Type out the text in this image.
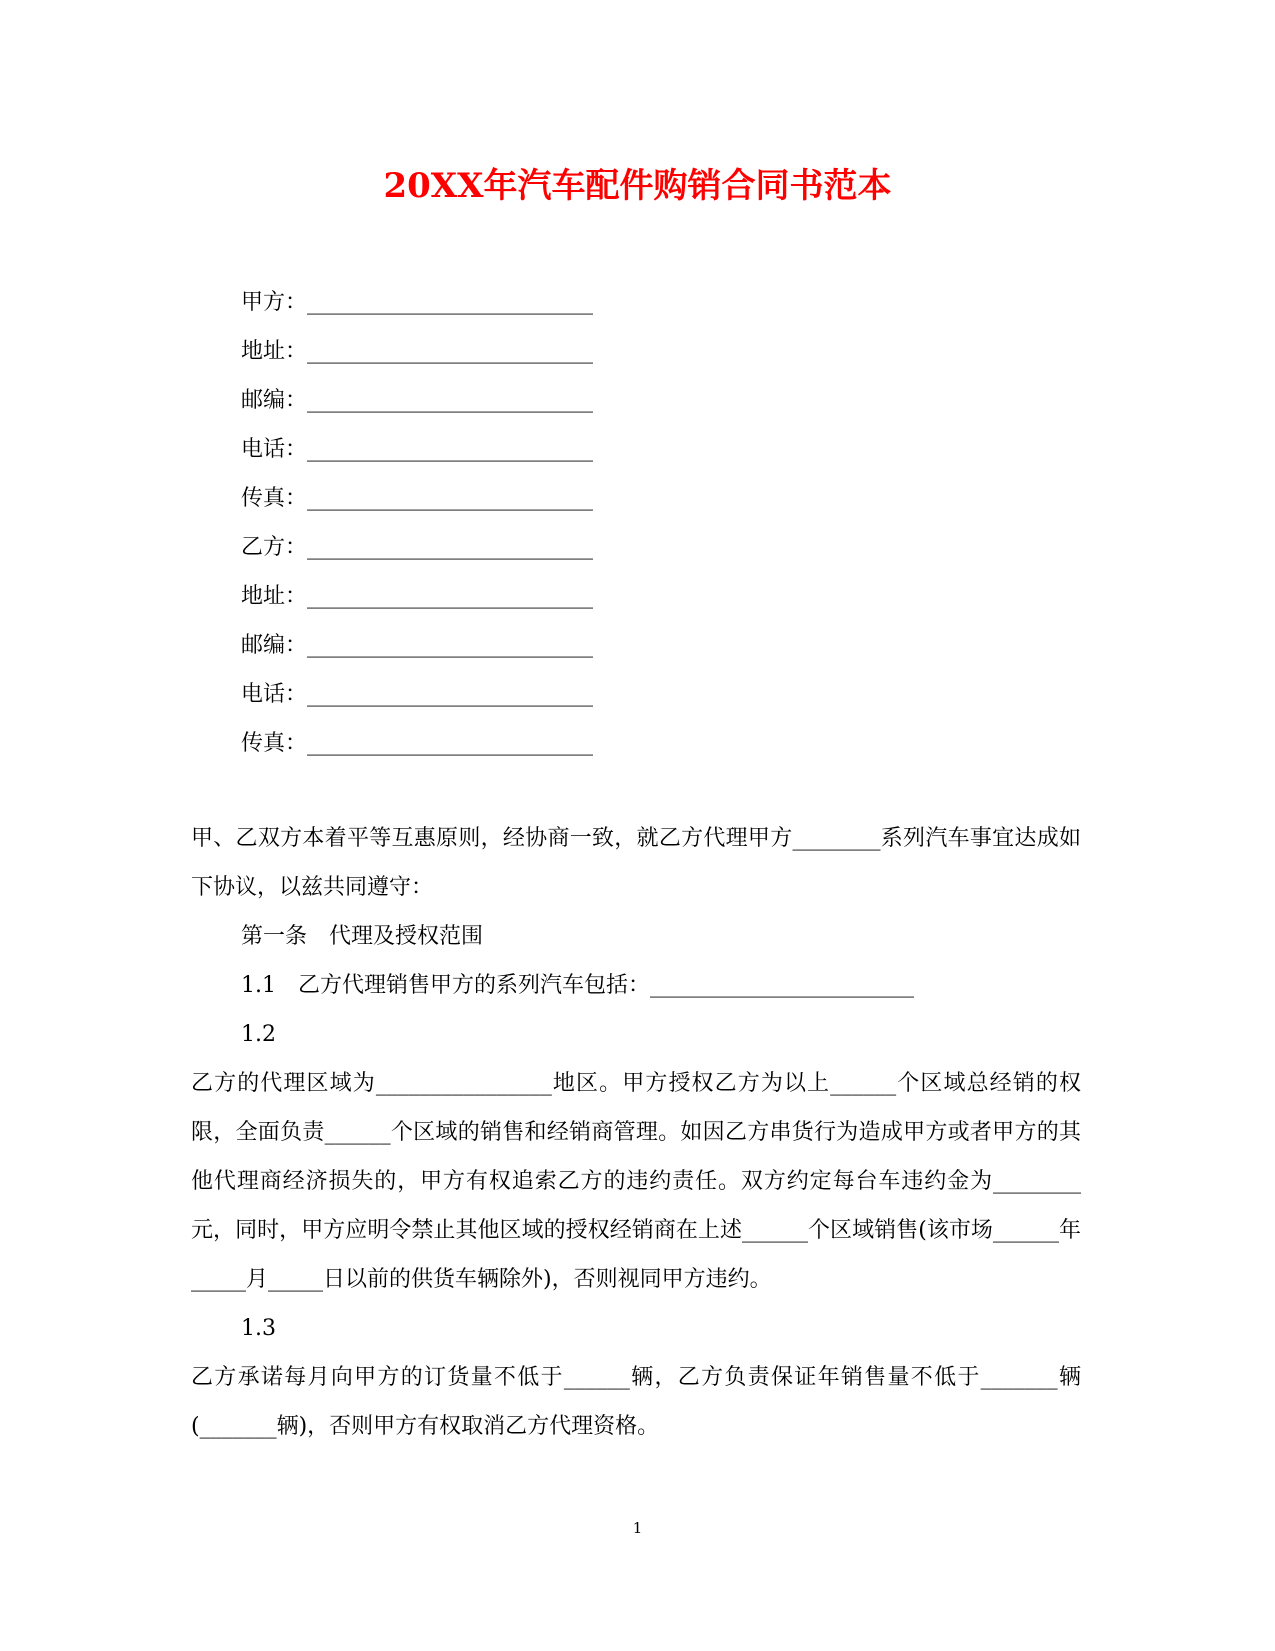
20XX年汽车配件购销合同书范本
甲方：__________________________
地址：__________________________
邮编：__________________________
电话：__________________________
传真：__________________________
乙方：__________________________
地址：__________________________
邮编：__________________________
电话：__________________________
传真：__________________________

甲、乙双方本着平等互惠原则，经协商一致，就乙方代理甲方________系列汽车事宜达成如下协议，以兹共同遵守：

第一条　代理及授权范围

1.1　乙方代理销售甲方的系列汽车包括：________________________

1.2

乙方的代理区域为________________地区。甲方授权乙方为以上______个区域总经销的权限，全面负责______个区域的销售和经销商管理。如因乙方串货行为造成甲方或者甲方的其他代理商经济损失的，甲方有权追索乙方的违约责任。双方约定每台车违约金为________元，同时，甲方应明令禁止其他区域的授权经销商在上述______个区域销售(该市场______年_____月_____日以前的供货车辆除外)，否则视同甲方违约。

1.3

乙方承诺每月向甲方的订货量不低于______辆，乙方负责保证年销售量不低于_______辆(_______辆)，否则甲方有权取消乙方代理资格。

1
